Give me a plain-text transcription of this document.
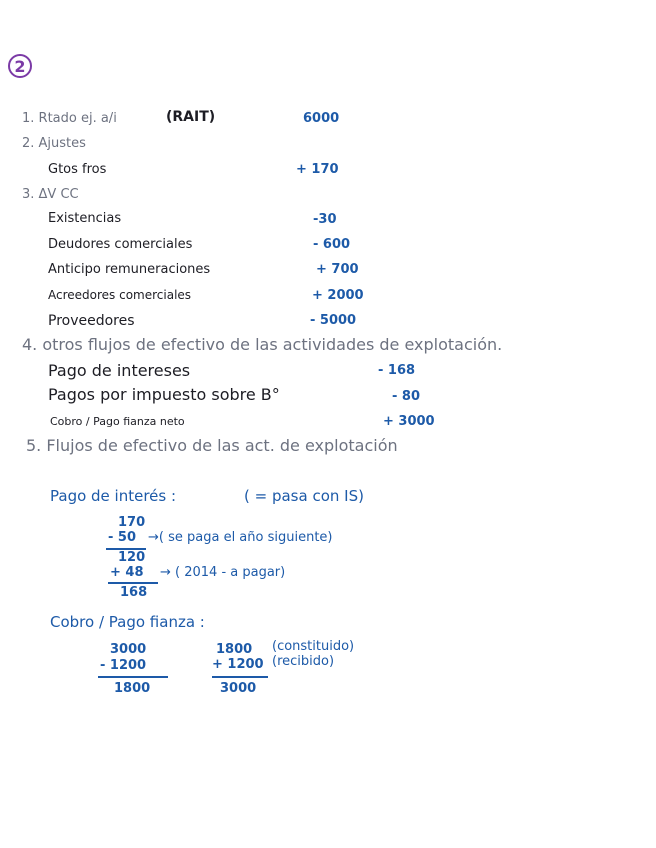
2
1. Rtado ej. a/i	(RAIT)	6000
2. Ajustes
Gtos fros	+ 170
3. ΔV CC
Existencias	-30
Deudores comerciales	- 600
Anticipo remuneraciones	+ 700
Acreedores comerciales	+ 2000
Proveedores	- 5000
4. otros flujos de efectivo de las actividades de explotación.
Pago de intereses	- 168
Pagos por impuesto sobre B°	- 80
Cobro / Pago fianza neto	+ 3000
5. Flujos de efectivo de las act. de explotación
Pago de interés :	( = pasa con IS)
170
- 50 →( se paga el año siguiente)
120
+ 48 → ( 2014 - a pagar)
168
Cobro / Pago fianza :
3000
- 1200
1800
1800 (constituido)
+ 1200 (recibido)
3000
